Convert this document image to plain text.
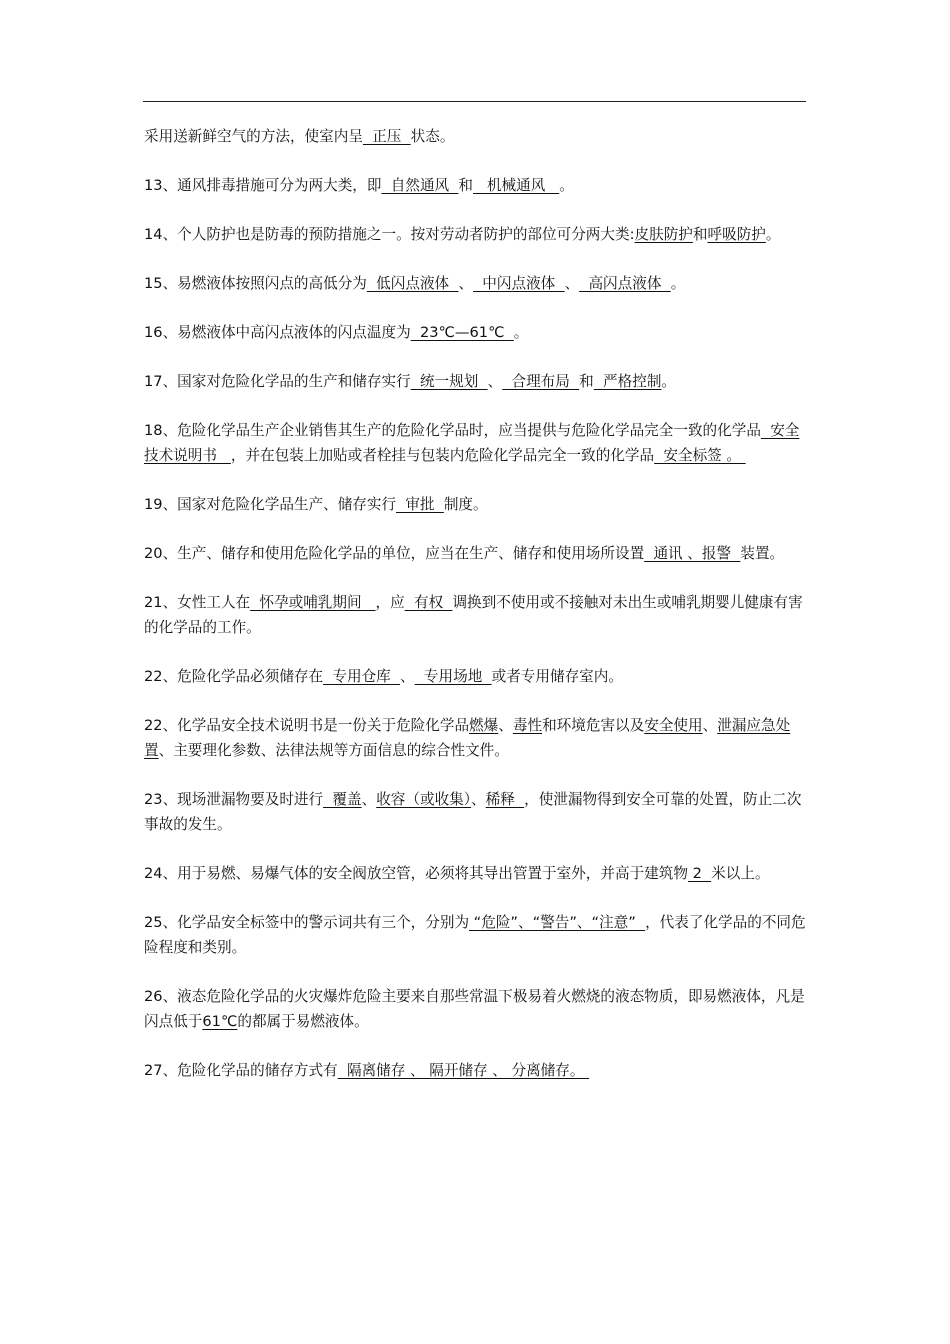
采用送新鲜空气的方法，使室内呈  正压  状态。

13、通风排毒措施可分为两大类，即  自然通风  和   机械通风   。

14、个人防护也是防毒的预防措施之一。按对劳动者防护的部位可分两大类:皮肤防护和呼吸防护。

15、易燃液体按照闪点的高低分为  低闪点液体  、  中闪点液体  、  高闪点液体  。

16、易燃液体中高闪点液体的闪点温度为  23℃—61℃  。

17、国家对危险化学品的生产和储存实行  统一规划  、  合理布局  和  严格控制。

18、危险化学品生产企业销售其生产的危险化学品时，应当提供与危险化学品完全一致的化学品  安全技术说明书   ，并在包装上加贴或者栓挂与包装内危险化学品完全一致的化学品  安全标签 。

19、国家对危险化学品生产、储存实行  审批  制度。

20、生产、储存和使用危险化学品的单位，应当在生产、储存和使用场所设置  通讯 、报警  装置。

21、女性工人在  怀孕或哺乳期间   ，应  有权  调换到不使用或不接触对未出生或哺乳期婴儿健康有害的化学品的工作。

22、危险化学品必须储存在  专用仓库  、  专用场地  或者专用储存室内。

22、化学品安全技术说明书是一份关于危险化学品燃爆、毒性和环境危害以及安全使用、泄漏应急处置、主要理化参数、法律法规等方面信息的综合性文件。

23、现场泄漏物要及时进行  覆盖、收容（或收集）、稀释  ，使泄漏物得到安全可靠的处置，防止二次事故的发生。

24、用于易燃、易爆气体的安全阀放空管，必须将其导出管置于室外，并高于建筑物 2  米以上。

25、化学品安全标签中的警示词共有三个，分别为 “危险”、“警告”、“注意”  ，代表了化学品的不同危险程度和类别。

26、液态危险化学品的火灾爆炸危险主要来自那些常温下极易着火燃烧的液态物质，即易燃液体，凡是闪点低于61℃的都属于易燃液体。

27、危险化学品的储存方式有  隔离储存 、 隔开储存 、 分离储存。
